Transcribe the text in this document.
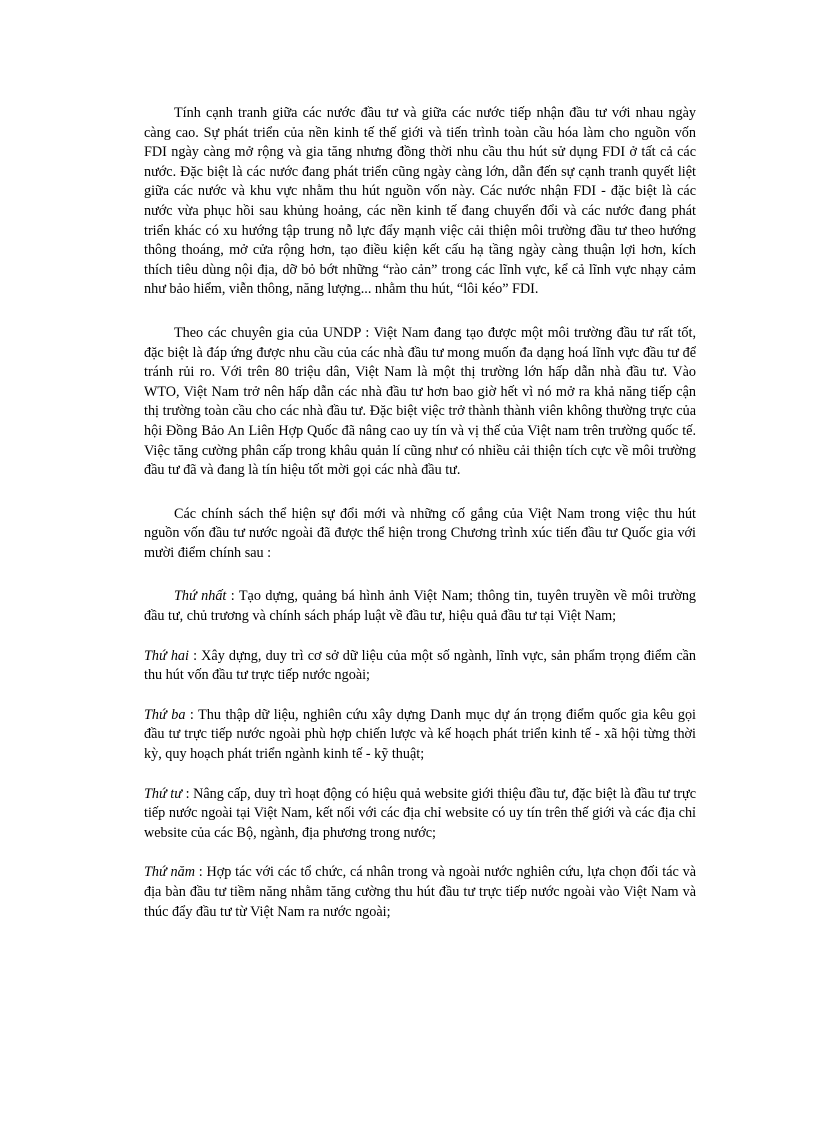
Tính cạnh tranh giữa các nước đầu tư và giữa các nước tiếp nhận đầu tư với nhau ngày càng cao. Sự phát triển của nền kinh tế thế giới và tiến trình toàn cầu hóa làm cho nguồn vốn FDI ngày càng mở rộng và gia tăng nhưng đồng thời nhu cầu thu hút sử dụng FDI ở tất cả các nước. Đặc biệt là các nước đang phát triển cũng ngày càng lớn, dẫn đến sự cạnh tranh quyết liệt giữa các nước và khu vực nhằm thu hút nguồn vốn này. Các nước nhận FDI - đặc biệt là các nước vừa phục hồi sau khủng hoảng, các nền kinh tế đang chuyển đổi và các nước đang phát triển khác có xu hướng tập trung nỗ lực đẩy mạnh việc cải thiện môi trường đầu tư theo hướng thông thoáng, mở cửa rộng hơn, tạo điều kiện kết cấu hạ tầng ngày càng thuận lợi hơn, kích thích tiêu dùng nội địa, dỡ bỏ bớt những “rào cản” trong các lĩnh vực, kể cả lĩnh vực nhạy cảm như bảo hiểm, viễn thông, năng lượng... nhằm thu hút, “lôi kéo” FDI.

Theo các chuyên gia của UNDP : Việt Nam đang tạo được một môi trường đầu tư rất tốt, đặc biệt là đáp ứng được nhu cầu của các nhà đầu tư mong muốn đa dạng hoá lĩnh vực đầu tư để tránh rủi ro. Với trên 80 triệu dân, Việt Nam là một thị trường lớn hấp dẫn nhà đầu tư. Vào WTO, Việt Nam trở nên hấp dẫn các nhà đầu tư hơn bao giờ hết vì nó mở ra khả năng tiếp cận thị trường toàn cầu cho các nhà đầu tư. Đặc biệt việc trở thành thành viên không thường trực của hội Đồng Bảo An Liên Hợp Quốc đã nâng cao uy tín và vị thế của Việt nam trên trường quốc tế. Việc tăng cường phân cấp trong khâu quản lí cũng như có nhiều cải thiện tích cực về môi trường đầu tư đã và đang là tín hiệu tốt mời gọi các nhà đầu tư.

Các chính sách thể hiện sự đổi mới và những cố gắng của Việt Nam trong việc thu hút nguồn vốn đầu tư nước ngoài đã được thể hiện trong Chương trình xúc tiến đầu tư Quốc gia với mười điểm chính sau :

Thứ nhất : Tạo dựng, quảng bá hình ảnh Việt Nam; thông tin, tuyên truyền về môi trường đầu tư, chủ trương và chính sách pháp luật về đầu tư, hiệu quả đầu tư tại Việt Nam;

Thứ hai : Xây dựng, duy trì cơ sở dữ liệu của một số ngành, lĩnh vực, sản phẩm trọng điểm cần thu hút vốn đầu tư trực tiếp nước ngoài;

Thứ ba : Thu thập dữ liệu, nghiên cứu xây dựng Danh mục dự án trọng điểm quốc gia kêu gọi đầu tư trực tiếp nước ngoài phù hợp chiến lược và kế hoạch phát triển kinh tế - xã hội từng thời kỳ, quy hoạch phát triển ngành kinh tế - kỹ thuật;

Thứ tư : Nâng cấp, duy trì hoạt động có hiệu quả website giới thiệu đầu tư, đặc biệt là đầu tư trực tiếp nước ngoài tại Việt Nam, kết nối với các địa chỉ website có uy tín trên thế giới và các địa chỉ website của các Bộ, ngành, địa phương trong nước;

Thứ năm : Hợp tác với các tổ chức, cá nhân trong và ngoài nước nghiên cứu, lựa chọn đối tác và địa bàn đầu tư tiềm năng nhằm tăng cường thu hút đầu tư trực tiếp nước ngoài vào Việt Nam và thúc đẩy đầu tư từ Việt Nam ra nước ngoài;
